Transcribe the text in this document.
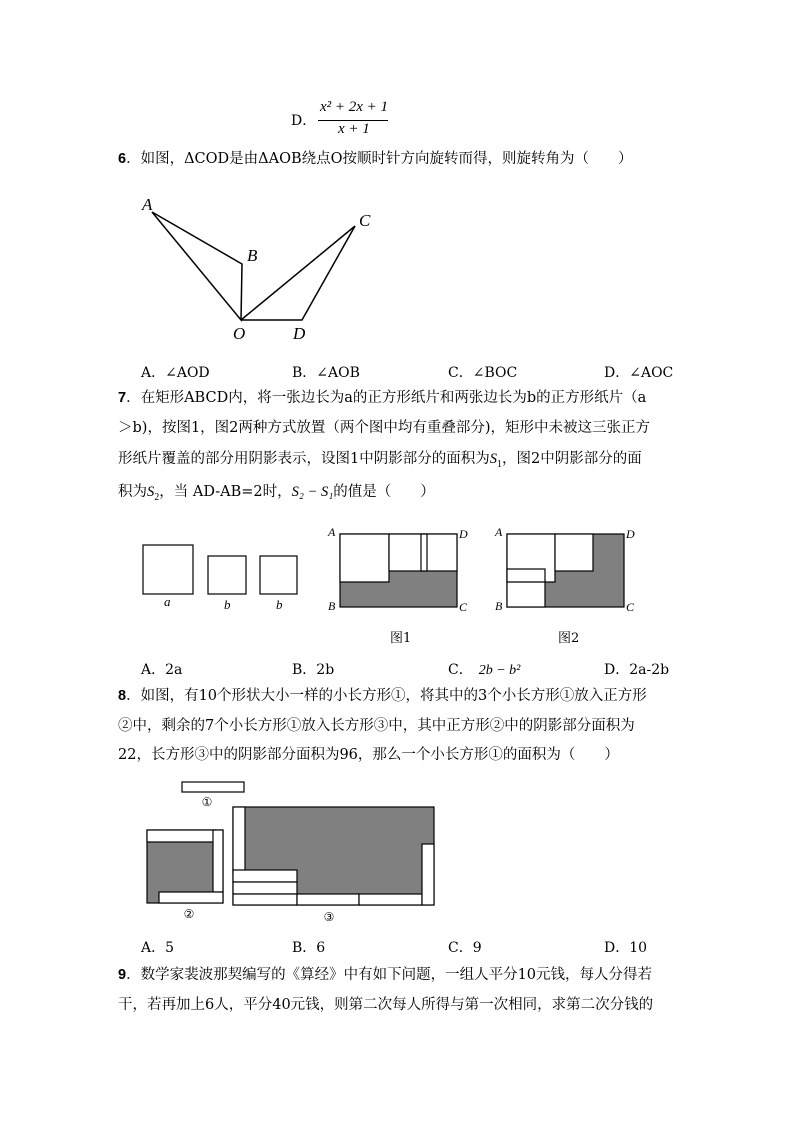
D．
x² + 2x + 1
x + 1
6．如图，ΔCOD是由ΔAOB绕点O按顺时针方向旋转而得，则旋转角为（　　）
A
B
C
O	D
A．∠AOD	B．∠AOB	C．∠BOC	D．∠AOC
7．在矩形ABCD内，将一张边长为a的正方形纸片和两张边长为b的正方形纸片（a
＞b)，按图1，图2两种方式放置（两个图中均有重叠部分)，矩形中未被这三张正方
形纸片覆盖的部分用阴影表示，设图1中阴影部分的面积为$S_1$，图2中阴影部分的面
积为$S_2$，当 AD-AB=2时，S₂ − S₁的值是（　　）
a	b	b
A	D
B	C
图1
A	D
B	C
图2
A．2a	B．2b	C． 2b − b²	D．2a-2b
8．如图，有10个形状大小一样的小长方形①，将其中的3个小长方形①放入正方形
②中，剩余的7个小长方形①放入长方形③中，其中正方形②中的阴影部分面积为
22，长方形③中的阴影部分面积为96，那么一个小长方形①的面积为（　　）
①
②	③
A．5	B．6	C．9	D．10
9．数学家裴波那契编写的《算经》中有如下问题，一组人平分10元钱，每人分得若
干，若再加上6人，平分40元钱，则第二次每人所得与第一次相同，求第二次分钱的
